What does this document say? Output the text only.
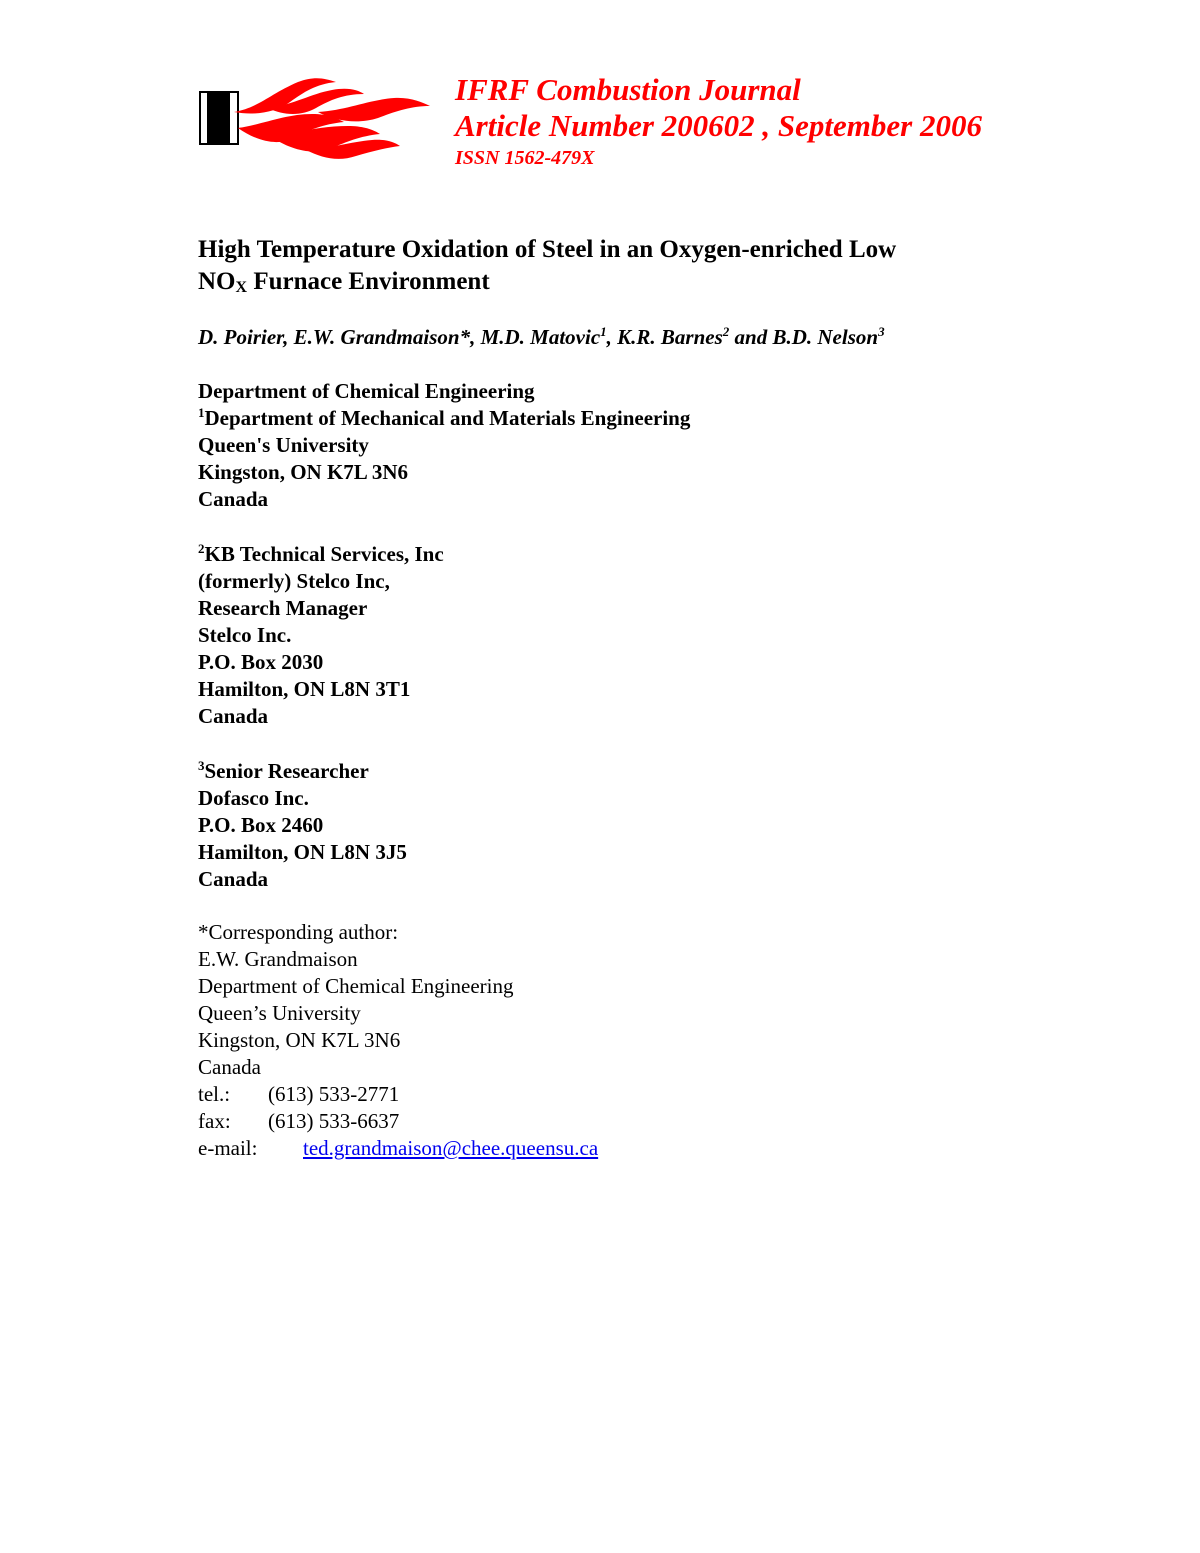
IFRF Combustion Journal
Article Number 200602 , September 2006
ISSN 1562-479X
High Temperature Oxidation of Steel in an Oxygen-enriched Low
$NO_X$ Furnace Environment
D. Poirier, E.W. Grandmaison*, M.D. Matovic$^1$, K.R. Barnes$^2$ and B.D. Nelson$^3$
Department of Chemical Engineering
$^1$Department of Mechanical and Materials Engineering
Queen's University
Kingston, ON K7L 3N6
Canada
$^2$KB Technical Services, Inc
(formerly) Stelco Inc,
Research Manager
Stelco Inc.
P.O. Box 2030
Hamilton, ON L8N 3T1
Canada
$^3$Senior Researcher
Dofasco Inc.
P.O. Box 2460
Hamilton, ON L8N 3J5
Canada
*Corresponding author:
E.W. Grandmaison
Department of Chemical Engineering
Queen’s University
Kingston, ON K7L 3N6
Canada
tel.:	(613) 533-2771
fax:	(613) 533-6637
e-mail:	ted.grandmaison@chee.queensu.ca
